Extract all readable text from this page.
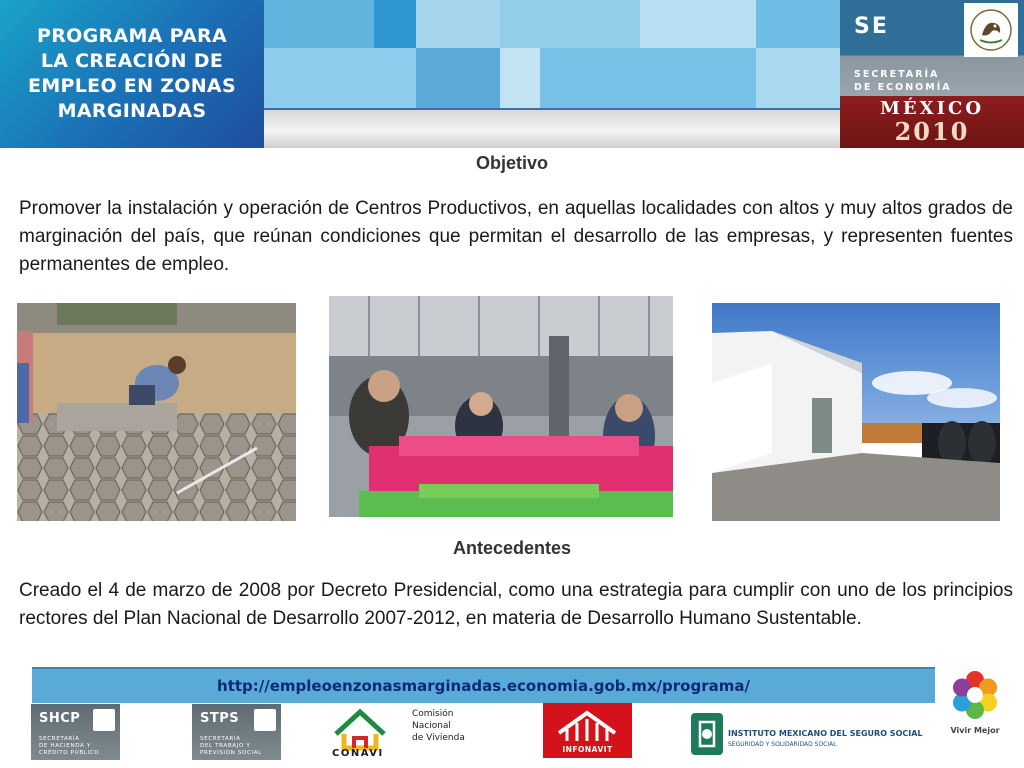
PROGRAMA PARA
LA CREACIÓN DE
EMPLEO EN ZONAS
MARGINADAS
SE
SECRETARÍA
DE ECONOMÍA
MÉXICO
2010
Objetivo

Promover la instalación y operación de Centros Productivos, en aquellas localidades con altos y muy altos grados de marginación del país, que reúnan condiciones que permitan el desarrollo de las empresas, y representen fuentes permanentes de empleo.

Antecedentes

Creado el 4 de marzo de 2008 por Decreto Presidencial, como una estrategia para cumplir con uno de los principios rectores del Plan Nacional de Desarrollo 2007-2012, en materia de Desarrollo Humano Sustentable.

http://empleoenzonasmarginadas.economia.gob.mx/programa/
SHCP
SECRETARÍA
DE HACIENDA Y
CRÉDITO PÚBLICO
STPS
SECRETARÍA
DEL TRABAJO Y
PREVISIÓN SOCIAL	CONAVI
Comisión
Nacional
de Vivienda
INFONAVIT
INSTITUTO MEXICANO DEL SEGURO SOCIAL
SEGURIDAD Y SOLIDARIDAD SOCIAL
Vivir Mejor
